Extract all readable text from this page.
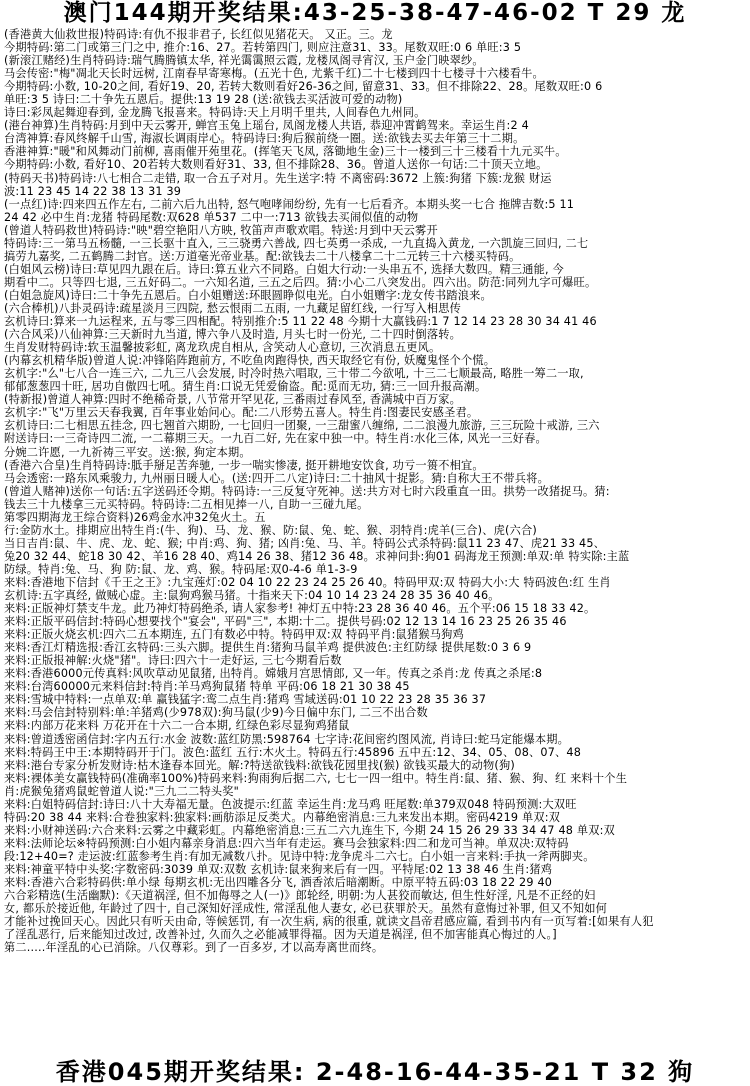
澳门144期开奖结果:43-25-38-47-46-02 T 29 龙
(香港黄大仙救世报)特码诗:有仇不报非君子, 长红似见猪花天。 又正。三。龙
今期特码:第二门或第三门之中, 推介:16、27。若转第四门, 则应注意31、33。尾数双旺:0 6 单旺:3 5
(新滚江赌经)生肖特码诗:瑞气腾腾镇太华, 祥光霭霭照云霞, 龙楼凤阁寻宵汉, 玉户金门映翠纱。
马会传密:"梅"凋北天长时远树, 江南春早寄寒梅。(五光十色, 尤紫千红)二十七楼到四十七楼寻十六楼看牛。
今期特码:小数, 10-20之间, 看好19、20, 若转大数则看好26-36之间, 留意31、33。但不排除22、28。尾数双旺:0 6
单旺:3 5 诗曰:二十争先五恩后。提供:13 19 28 (送:欲钱去买活波可爱的动物)
诗曰:彩凤起舞迎春到, 金龙腾飞报喜来。特码诗:天上月明千里共, 人间春色九州同。
(港台神算)生肖特码:月到中天云雾开, 蝉宫玉兔上瑶台, 凤阁龙楼人共语, 恭迎冲霄鹤驾来。幸运生肖:2 4
台湾神算:春风终解千山雪, 海淑长调雨岸心。特码诗曰:狗后猴前绕一圈。送:欲钱去买去年第三十二期。
香港神算:"暖"和风舞动门前柳, 喜雨催开苑里花。(挥笔天飞凤, 落锄地生金)三十一楼到三十三楼看十九元买牛。
今期特码:小数, 看好10、20若转大数则看好31、33, 但不排除28、36。曾道人送你一句话:二十顶天立地。
(特码天书)特码诗:八七相合二走错, 取一合五子对月。先生送字:特 不离密码:3672 上簇:狗猪 下簇:龙猴 财运
波:11 23 45 14 22 38 13 31 39
(一点红)诗:四来四五作左右, 二前六后九出特, 怒气咆哮闹纷纷, 先有一七后看齐。本期头奖一七合 拖牌吉数:5 11
24 42 必中生肖:龙猪 特码尾数:双628 单537 二中一:713 欲钱去买闹似值的动物
(曾道人特码救世)特码诗:"映"碧空艳阳八方映, 牧笛声声歌欢唱。特送:月到中天云雾开
特码诗:三一第马五杨髓, 一三长驱十直入, 三三骁勇六善战, 四七英勇一杀成, 一九直捣入黄龙, 一六凯旋三回归, 二七
搞劳九嘉奖, 二五鹤腾二封官。送:万道毫光帝业基。配:欲钱去二十八楼拿二十二元转三十六楼买特码。
(白姐风云榜)诗曰:草见四九跟在后。诗曰:算五业六不同路。白姐大行动:一头串五不, 选择大数四。精三通能, 今
期看中二。只等四七退, 三五好码二。一六知名道, 三五之后四。猜:小心二八突发出。四六出。防范:同列九字可爆旺。
(白姐急旋风)诗曰:二十争先五恩后。白小姐赠送:环眼圆睁似电光。白小姐赠字:龙女传书踏浪来。
(六合棒机)八卦灵码诗:疏星淡月三四院, 愁云恨雨二五雨, 一九藏足留红线, 一行写入相思传
玄机诗曰:算来一九运程来, 五与零三四相配。特别推介:5 11 22 48 今期十大赢钱码:1 7 12 14 23 28 30 34 41 46
(六合风采)八仙神算:三天新时九当道, 博六争八及时造, 月头七时一份光, 二十四时倒落转。
生肖发财特码诗:软玉温馨披彩虹, 离龙玖虎自相从, 含笑动人心意切, 三次消息五更风。
(内幕玄机精华版)曾道人说:冲锋陷阵跑前方, 不吃鱼肉跑得快, 西天取经它有份, 妖魔鬼怪个个慌。
玄机字:"么"七八合一连三六, 二九三八会发展, 时冷时热六唱取, 三十带二今欲吼, 十三二七顺最高, 略胜一筹二一取,
郁郁葱葱四十旺, 居功自傲四七吼。猜生肖:口说无凭爱偷盗。配:觅而无功, 猜:三一回升报高潮。
(特新报)曾道人神算:四时不绝稀奇景, 八节常开罕见花, 三番雨过春风至, 香满城中百万家。
玄机字:"飞"万里云天春我翼, 百年事业始问心。配:二八形势五喜人。特生肖:图妻民安感圣君。
玄机诗曰:二七相思五挂念, 四七翘首六期盼, 一七回归一团聚, 一三甜蜜八缠绵, 二二浪漫九旅游, 三三玩险十戒游, 三六
附送诗曰:一三奇诗四二流, 一二幕期三天。一九百二好, 先在家中独一中。特生肖:水化三体, 风光一三好春。
分婉二许愿, 一九祈祷三平安。送:猴, 狗定本期。
(香港六合皇)生肖特码诗:胝手掰足苦奔驰, 一步一喘实惨凄, 挺开耕地安饮食, 功亏一篑不相宜。
马会透密:一路东风乘骏力, 九州丽日暖人心。(送:四开二八定)诗曰:二十抽风十捉影。猜:自称大王不带兵将。
(曾道人赌神)送你一句话:五字送码还令期。特码诗:一三反复守死神。送:共方对七时六段重直一田。拱势一改猪捉马。猜:
钱去三十九楼拿三元买特码。特码诗:二五相见捧一八, 自助一三碰九尾。
第零四期海龙王综合资料)26鸡金水冲32兔火土。五
行:金防水土。排期应出特生肖:(牛、狗)、马、龙、猴、防:鼠、兔、蛇、猴、羽特肖:虎羊(三合)、虎(六合)
当日吉肖:鼠、牛、虎、龙、蛇、猴; 中肖:鸡、狗、猪; 凶肖:兔、马、羊。特码公式杀特码:鼠11 23 47、虎21 33 45、
兔20 32 44、蛇18 30 42、羊16 28 40、鸡14 26 38、猪12 36 48。求神问卦:狗01 码海龙王预测:单双:单 特实除:主蓝
防绿。特肖:兔、马、狗 防:鼠、龙、鸡、猴。特码尾:双0-4-6 单1-3-9
来料:香港地下信封《千王之王》:九宝莲灯:02 04 10 22 23 24 25 26 40。特码甲双:双 特码大小:大 特码波色:红 生肖
玄机诗:五字真经, 做贼心虚。主:鼠狗鸡猴马猪。十指来天下:04 10 14 23 24 28 35 36 40 46。
来料:正版神灯禁支牛龙。此乃神灯特码绝杀, 请人家参考! 神灯五中特:23 28 36 40 46。五个平:06 15 18 33 42。
来料:正版平码信封:特码心想要找个"宴会", 平码"三", 本期:十二。提供号码:02 12 13 14 16 23 25 26 35 46
来料:正版火烧玄机:四六二五本期连, 五门有数必中特。特码甲双:双 特码平肖:鼠猪猴马狗鸡
来料:香江灯精选报:香江玄特码:三头六脚。提供生肖:猪狗马鼠羊鸡 提供波色:主红防绿 提供尾数:0 3 6 9
来料:正版报神解:火烧"猪"。诗曰:四六十一走好运, 三七今期看后数
来料:香港6000元传真料:风吹草动见鼠猪, 出特肖。嫦娥月宫思情郎, 又一年。传真之杀肖:龙 传真之杀尾:8
来料:台湾60000元来料信封:特肖:羊马鸡狗鼠猪 特单 平码:06 18 21 30 38 45
来料:雪城中特料:一点单双:单 赢钱猛字:鸾二点生肖:猪鸡 雪域送码:01 10 22 23 28 35 36 37
来料:马会信封特别料:单:羊猪鸡(少978双):狗马鼠(少9)今日偏中东门, 二三不出合数
来料:内部万花来料 万花开在十六二一合本期, 红绿色彩尽显狗鸡猪鼠
来料:曾道透密函信封:字内五行:水金 波数:蓝红防黑:598764 七字诗:花间密约图风流, 肖诗曰:蛇马定能爆本期。
来料:特码王中王:本期特码开于门。波色:蓝红 五行:木火土。特码五行:45896 五中五:12、34、05、08、07、48
来料:港台专家分析发财诗:枯木逢春本回光。解:?特送欲钱料:欲钱花园里找(猴) 欲钱买最大的动物(狗)
来料:裸体美女赢钱特码(准确率100%)特码来料:狗雨狗后据二六, 七七一四一组中。特生肖:鼠、猪、猴、狗、红 来料十个生
肖:虎猴兔猪鸡鼠蛇曾道人说:"三九二二特头奖"
来料:白姐特码信封:诗曰:八十大寿福无量。色波提示:红蓝 幸运生肖:龙马鸡 旺尾数:单379双048 特码预测:大双旺
特码:20 38 44 来料:合卷独家料:独家料:画舫添足反类犬。内幕绝密消息:三九来发出本期。密码4219 单双:双
来料:小财神送码:六合来料:云雾之中藏彩虹。内幕绝密消息:三五二六九连生下, 今期 24 15 26 29 33 34 47 48 单双:双
来料:法师论坛※特码预测:白小姐内幕亲身消息:四六当年有走运。赛马会独家料:四二和龙可当神。单双决:双特码
段:12+40=? 走运波:红蓝参考生肖:有加无减数八扑。见诗中特:龙争虎斗二六七。白小姐一言来料:手执一斧两脚夹。
来料:神童平特中头奖:字数密码:3039 单双:双数 玄机诗:鼠来狗来后有一四。平特尾:02 13 38 46 生肖:猪鸡
来料:香港六合彩特码供:单小绿 每期玄机:无出四雕各分飞, 酒香浓后暗潮断。中原平特五码:03 18 22 29 40
六合彩精选(生活幽默):《天道祸淫, 但不加侮辱之人(一)》郎轮经, 明朝:为人甚狡而敏达, 但生性好淫, 凡是不正经的妇
女, 都乐於接近他, 年龄过了四十, 自己深知好淫成性, 常淫乱他人妻女, 必已获罪於天。虽然有意悔过补罪, 但又不知如何
才能补过挽回天心。因此只有听天由命, 等候惩罚, 有一次生病, 病的很重, 就读文昌帝君感应篇, 看到书内有一页写着:[如果有人犯
了淫乱恶行, 后来能知过改过, 改善补过, 久而久之必能减罪得福。因为天道是祸淫, 但不加害能真心悔过的人。]
第二.....年淫乱的心已消除。八仅尊彩。到了一百多岁, 才以高寿离世而终。
香港045期开奖结果: 2-48-16-44-35-21 T 32 狗
